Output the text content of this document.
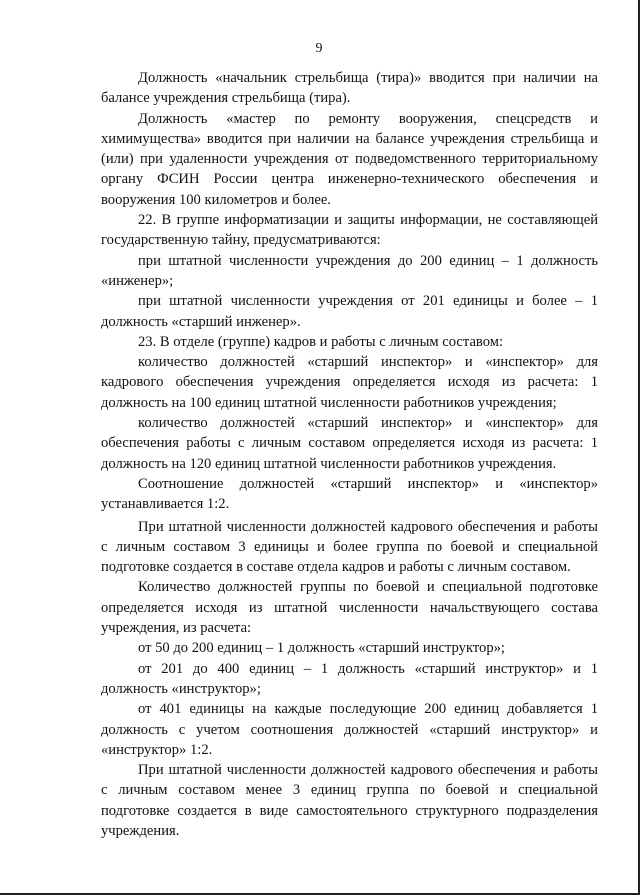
9

Должность «начальник стрельбища (тира)» вводится при наличии на балансе учреждения стрельбища (тира).

Должность «мастер по ремонту вооружения, спецсредств и химимущества» вводится при наличии на балансе учреждения стрельбища и (или) при удаленности учреждения от подведомственного территориальному органу ФСИН России центра инженерно-технического обеспечения и вооружения 100 километров и более.

22. В группе информатизации и защиты информации, не составляющей государственную тайну, предусматриваются:

при штатной численности учреждения до 200 единиц – 1 должность «инженер»;

при штатной численности учреждения от 201 единицы и более – 1 должность «старший инженер».

23. В отделе (группе) кадров и работы с личным составом:

количество должностей «старший инспектор» и «инспектор» для кадрового обеспечения учреждения определяется исходя из расчета: 1 должность на 100 единиц штатной численности работников учреждения;

количество должностей «старший инспектор» и «инспектор» для обеспечения работы с личным составом определяется исходя из расчета: 1 должность на 120 единиц штатной численности работников учреждения.

Соотношение должностей «старший инспектор» и «инспектор» устанавливается 1:2.

При штатной численности должностей кадрового обеспечения и работы с личным составом 3 единицы и более группа по боевой и специальной подготовке создается в составе отдела кадров и работы с личным составом.

Количество должностей группы по боевой и специальной подготовке определяется исходя из штатной численности начальствующего состава учреждения, из расчета:

от 50 до 200 единиц – 1 должность «старший инструктор»;

от 201 до 400 единиц – 1 должность «старший инструктор» и 1 должность «инструктор»;

от 401 единицы на каждые последующие 200 единиц добавляется 1 должность с учетом соотношения должностей «старший инструктор» и «инструктор» 1:2.

При штатной численности должностей кадрового обеспечения и работы с личным составом менее 3 единиц группа по боевой и специальной подготовке создается в виде самостоятельного структурного подразделения учреждения.
